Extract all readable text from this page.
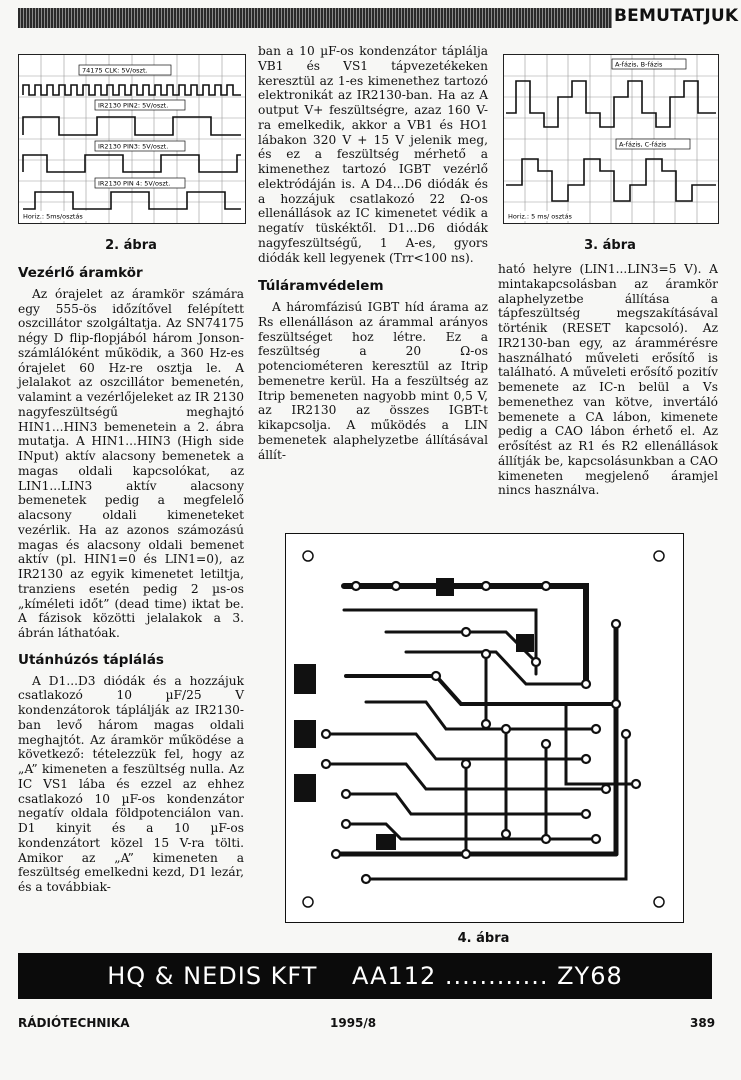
BEMUTATJUK
74175 CLK: 5V/oszt.
IR2130 PIN2: 5V/oszt.
IR2130 PIN3: 5V/oszt.
IR2130 PIN 4: 5V/oszt.
Horiz.: 5ms/osztás
2. ábra
A-fázis, B-fázis
A-fázis, C-fázis
Horiz.: 5 ms/ osztás
3. ábra
Vezérlő áramkör

Az órajelet az áramkör számára egy 555-ös időzítővel felépített oszcillátor szolgáltatja. Az SN74175 négy D flip-flopjából három Jonson-számlálóként működik, a 360 Hz-es órajelet 60 Hz-re osztja le. A jelalakot az oszcillátor bemenetén, valamint a vezérlőjeleket az IR 2130 nagyfeszültségű meghajtó HIN1...HIN3 bemenetein a 2. ábra mutatja. A HIN1...HIN3 (High side INput) aktív alacsony bemenetek a magas oldali kapcsolókat, az LIN1...LIN3 aktív alacsony bemenetek pedig a megfelelő alacsony oldali kimeneteket vezérlik. Ha az azonos számozású magas és alacsony oldali bemenet aktív (pl. HIN1=0 és LIN1=0), az IR2130 az egyik kimenetet letiltja, tranziens esetén pedig 2 µs-os „kíméleti időt” (dead time) iktat be. A fázisok közötti jelalakok a 3. ábrán láthatóak.

Utánhúzós táplálás

A D1...D3 diódák és a hozzájuk csatlakozó 10 µF/25 V kondenzátorok táplálják az IR2130-ban levő három magas oldali meghajtót. Az áramkör működése a következő: tételezzük fel, hogy az „A” kimeneten a feszültség nulla. Az IC VS1 lába és ezzel az ehhez csatlakozó 10 µF-os kondenzátor negatív oldala földpotenciálon van. D1 kinyit és a 10 µF-os kondenzátort közel 15 V-ra tölti. Amikor az „A” kimeneten a feszültség emelkedni kezd, D1 lezár, és a továbbiak-

ban a 10 µF-os kondenzátor táplálja VB1 és VS1 tápvezetékeken keresztül az 1-es kimenethez tartozó elektronikát az IR2130-ban. Ha az A output V+ feszültségre, azaz 160 V-ra emelkedik, akkor a VB1 és HO1 lábakon 320 V + 15 V jelenik meg, és ez a feszültség mérhető a kimenethez tartozó IGBT vezérlő elektródáján is. A D4...D6 diódák és a hozzájuk csatlakozó 22 Ω-os ellenállások az IC kimenetet védik a negatív tüskéktől. D1...D6 diódák nagyfeszültségű, 1 A-es, gyors diódák kell legyenek (Trr<100 ns).

Túláramvédelem

A háromfázisú IGBT híd árama az Rs ellenálláson az árammal arányos feszültséget hoz létre. Ez a feszültség a 20 Ω-os potenciométeren keresztül az Itrip bemenetre kerül. Ha a feszültség az Itrip bemeneten nagyobb mint 0,5 V, az IR2130 az összes IGBT-t kikapcsolja. A működés a LIN bemenetek alaphelyzetbe állításával állít-

ható helyre (LIN1...LIN3=5 V). A mintakapcsolásban az áramkör alaphelyzetbe állítása a tápfeszültség megszakításával történik (RESET kapcsoló). Az IR2130-ban egy, az árammérésre használható műveleti erősítő is található. A műveleti erősítő pozitív bemenete az IC-n belül a Vs bemenethez van kötve, invertáló bemenete a CA lábon, kimenete pedig a CAO lábon érhető el. Az erősítést az R1 és R2 ellenállások állítják be, kapcsolásunkban a CAO kimeneten megjelenő áramjel nincs használva.

4. ábra
HQ & NEDIS KFT    AA112 ............ ZY68
RÁDIÓTECHNIKA	1995/8	389
